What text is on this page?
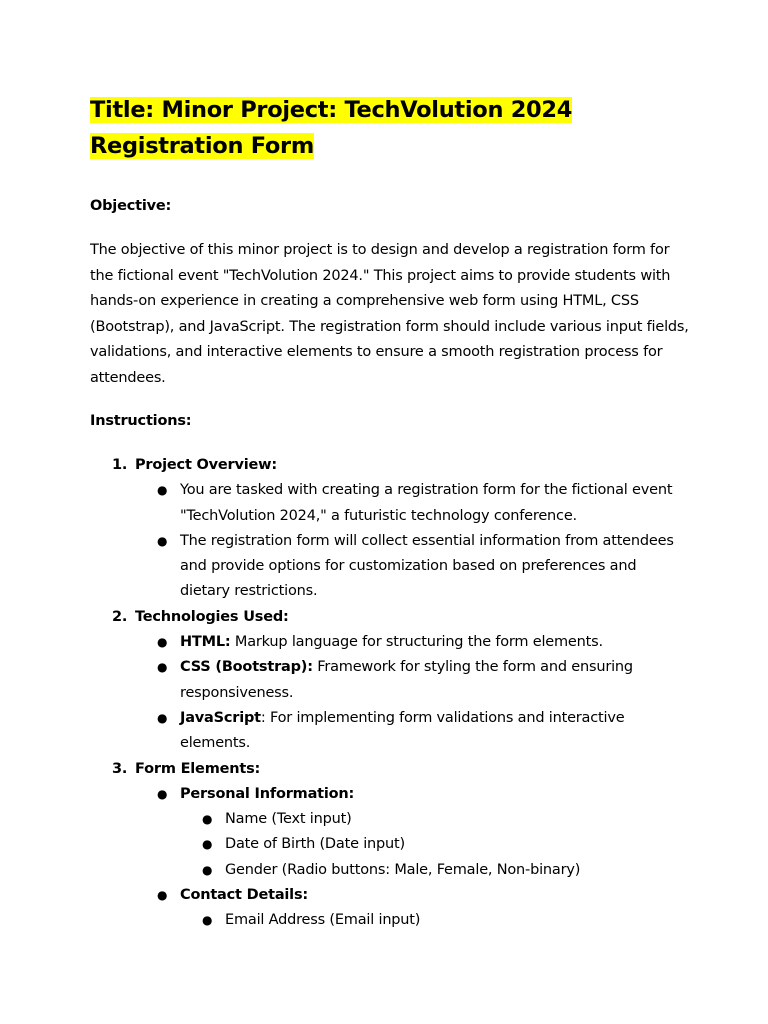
Title: Minor Project: TechVolution 2024 Registration Form

Objective:

The objective of this minor project is to design and develop a registration form for the fictional event "TechVolution 2024." This project aims to provide students with hands-on experience in creating a comprehensive web form using HTML, CSS (Bootstrap), and JavaScript. The registration form should include various input fields, validations, and interactive elements to ensure a smooth registration process for attendees.

Instructions:

1. Project Overview:
● You are tasked with creating a registration form for the fictional event "TechVolution 2024," a futuristic technology conference.
● The registration form will collect essential information from attendees and provide options for customization based on preferences and dietary restrictions.
2. Technologies Used:
● HTML: Markup language for structuring the form elements.
● CSS (Bootstrap): Framework for styling the form and ensuring responsiveness.
● JavaScript: For implementing form validations and interactive elements.
3. Form Elements:
● Personal Information:
● Name (Text input)
● Date of Birth (Date input)
● Gender (Radio buttons: Male, Female, Non-binary)
● Contact Details:
● Email Address (Email input)
